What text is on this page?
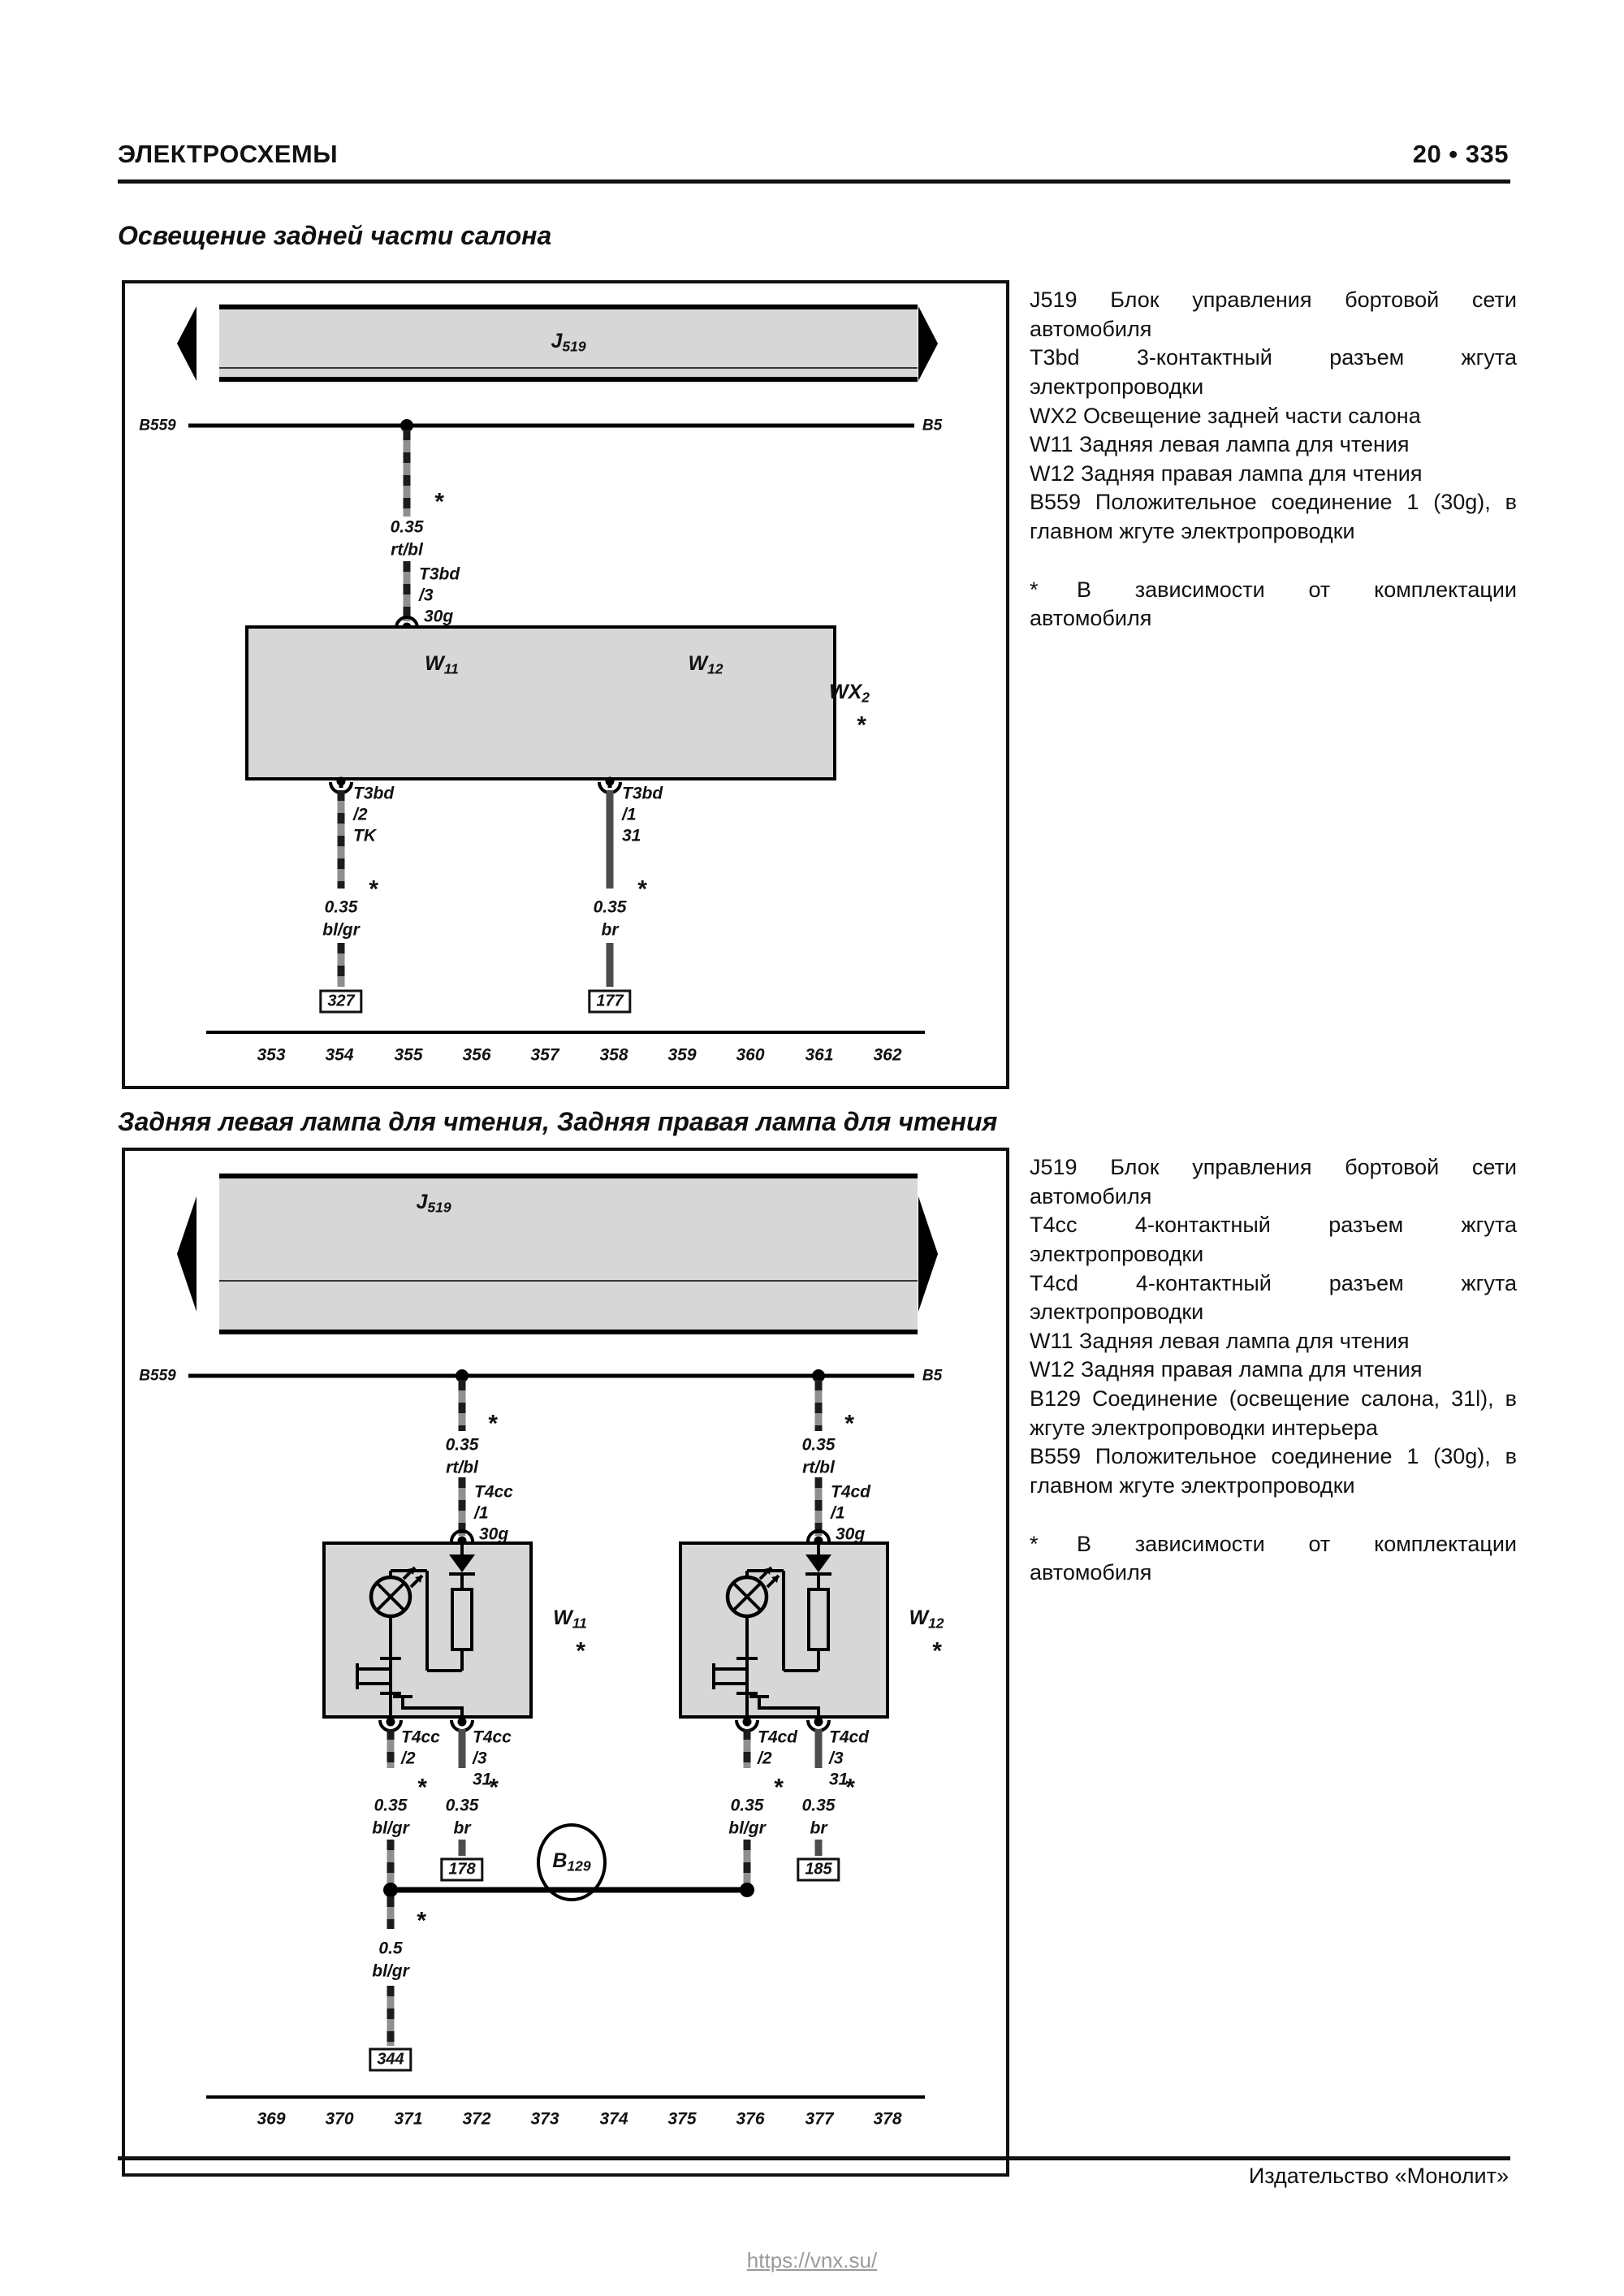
ЭЛЕКТРОСХЕМЫ	20 • 335
Освещение задней части салона
$J_{519}$
B559	B5
*
0.35
rt/bl
T3bd
/3
30g
$W_{11}$	$W_{12}$
$WX_2$
*
T3bd
/2
TK
T3bd
/1
31
*	*
0.35
bl/gr
0.35
br
327	177
353 354 355 356 357 358 359 360 361 362
J519 Блок управления бортовой сети автомобиля
T3bd 3-контактный разъем жгута электропроводки
WX2 Освещение задней части салона
W11 Задняя левая лампа для чтения
W12 Задняя правая лампа для чтения
B559 Положительное соединение 1 (30g), в главном жгуте электропроводки
* В зависимости от комплектации автомобиля
Задняя левая лампа для чтения, Задняя правая лампа для чтения
$J_{519}$
B559	B5
*	*
0.35
rt/bl
0.35
rt/bl
T4cc
/1
30g
T4cd
/1
30g
$W_{11}$
*
$W_{12}$
*
T4cc
/2
T4cc
/3
31
T4cd
/2
T4cd
/3
31
*	*	*	*
0.35
bl/gr
0.35
br
0.35
bl/gr
0.35
br
$B_{129}$
178	185
*
0.5
bl/gr
344
369 370 371 372 373 374 375 376 377 378
J519 Блок управления бортовой сети автомобиля
T4cc 4-контактный разъем жгута электропроводки
T4cd 4-контактный разъем жгута электропроводки
W11 Задняя левая лампа для чтения
W12 Задняя правая лампа для чтения
B129 Соединение (освещение салона, 31l), в жгуте электропроводки интерьера
B559 Положительное соединение 1 (30g), в главном жгуте электропроводки
* В зависимости от комплектации автомобиля
Издательство «Монолит»
https://vnx.su/
